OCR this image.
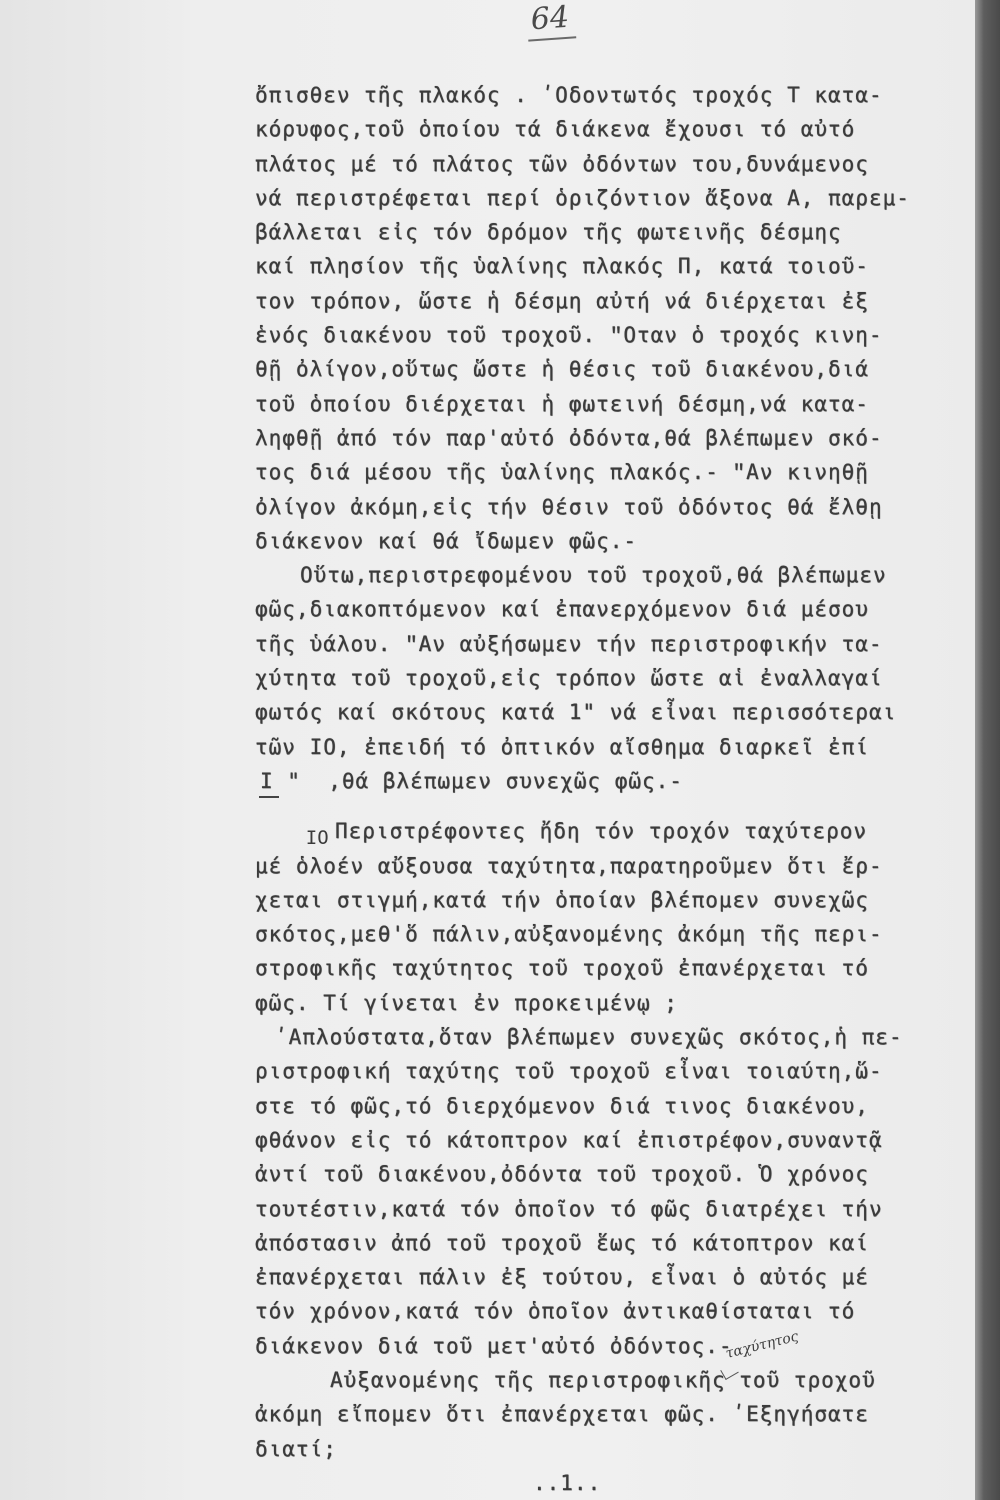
64
ὄπισθεν τῆς πλακός . ʹΟδοντωτός τροχός Τ κατα-
κόρυφος,τοῦ ὁποίου τά διάκενα ἔχουσι τό αὐτό
πλάτος μέ τό πλάτος τῶν ὀδόντων του,δυνάμενος
νά περιστρέφεται περί ὁριζόντιον ἄξονα Α, παρεμ-
βάλλεται εἰς τόν δρόμον τῆς φωτεινῆς δέσμης
καί πλησίον τῆς ὑαλίνης πλακός Π, κατά τοιοῦ-
τον τρόπον, ὥστε ἡ δέσμη αὐτή νά διέρχεται ἐξ
ἑνός διακένου τοῦ τροχοῦ. ʺΟταν ὁ τροχός κινη-
θῇ ὀλίγον,οὕτως ὥστε ἡ θέσις τοῦ διακένου,διά
τοῦ ὁποίου διέρχεται ἡ φωτεινή δέσμη,νά κατα-
ληφθῇ ἀπό τόν παρ'αὐτό ὀδόντα,θά βλέπωμεν σκό-
τος διά μέσου τῆς ὑαλίνης πλακός.- ʺΑν κινηθῇ
ὀλίγον ἀκόμη,εἰς τήν θέσιν τοῦ ὀδόντος θά ἔλθῃ
διάκενον καί θά ἴδωμεν φῶς.-
Οὕτω,περιστρεφομένου τοῦ τροχοῦ,θά βλέπωμεν
φῶς,διακοπτόμενον καί ἐπανερχόμενον διά μέσου
τῆς ὑάλου. ʺΑν αὐξήσωμεν τήν περιστροφικήν τα-
χύτητα τοῦ τροχοῦ,εἰς τρόπον ὥστε αἱ ἐναλλαγαί
φωτός καί σκότους κατά 1" νά εἶναι περισσότεραι
τῶν ΙΟ, ἐπειδή τό ὀπτικόν αἴσθημα διαρκεῖ ἐπί
Ι "  ,θά βλέπωμεν συνεχῶς φῶς.-

ΙΟ
Περιστρέφοντες ἤδη τόν τροχόν ταχύτερον
μέ ὁλοέν αὔξουσα ταχύτητα,παρατηροῦμεν ὅτι ἔρ-
χεται στιγμή,κατά τήν ὁποίαν βλέπομεν συνεχῶς
σκότος,μεθ'ὅ πάλιν,αὐξανομένης ἀκόμη τῆς περι-
στροφικῆς ταχύτητος τοῦ τροχοῦ ἐπανέρχεται τό
φῶς. Τί γίνεται ἐν προκειμένῳ ;
ʹΑπλούστατα,ὅταν βλέπωμεν συνεχῶς σκότος,ἡ πε-
ριστροφική ταχύτης τοῦ τροχοῦ εἶναι τοιαύτη,ὥ-
στε τό φῶς,τό διερχόμενον διά τινος διακένου,
φθάνον εἰς τό κάτοπτρον καί ἐπιστρέφον,συναντᾷ
ἀντί τοῦ διακένου,ὀδόντα τοῦ τροχοῦ. Ὁ χρόνος
τουτέστιν,κατά τόν ὁποῖον τό φῶς διατρέχει τήν
ἀπόστασιν ἀπό τοῦ τροχοῦ ἕως τό κάτοπτρον καί
ἐπανέρχεται πάλιν ἐξ τούτου, εἶναι ὁ αὐτός μέ
τόν χρόνον,κατά τόν ὁποῖον ἀντικαθίσταται τό
διάκενον διά τοῦ μετ'αὐτό ὀδόντος.-
Αὐξανομένης τῆς περιστροφικῆς τοῦ τροχοῦ
ἀκόμη εἴπομεν ὅτι ἐπανέρχεται φῶς. ʹΕξηγήσατε
διατί;
..1..
ταχύτητος
